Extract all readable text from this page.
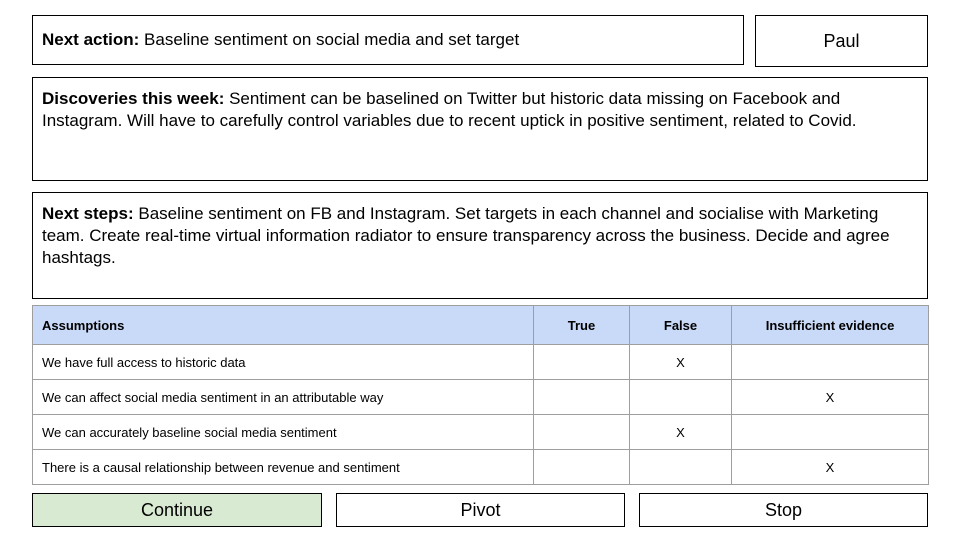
Next action: Baseline sentiment on social media and set target	Paul
Discoveries this week: Sentiment can be baselined on Twitter but historic data missing on Facebook and Instagram. Will have to carefully control variables due to recent uptick in positive sentiment, related to Covid.
Next steps: Baseline sentiment on FB and Instagram. Set targets in each channel and socialise with Marketing team. Create real-time virtual information radiator to ensure transparency across the business. Decide and agree hashtags.
Assumptions	True	False	Insufficient evidence
We have full access to historic data		X	
We can affect social media sentiment in an attributable way			X
We can accurately baseline social media sentiment		X	
There is a causal relationship between revenue and sentiment			X
Continue	Pivot	Stop
